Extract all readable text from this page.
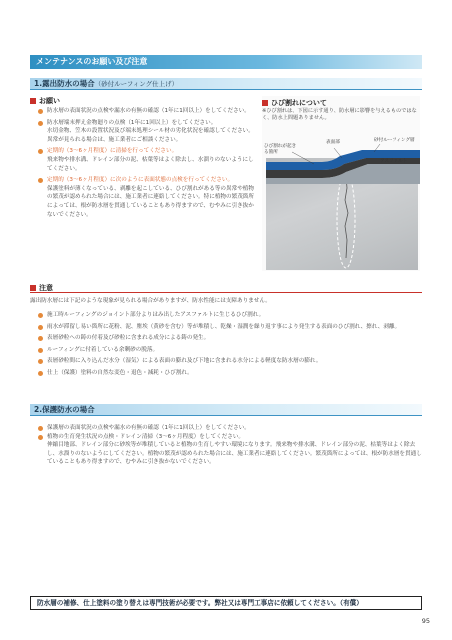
メンテナンスのお願い及び注意
1.露出防水の場合（砂付ルーフィング仕上げ）
お願い
防水層の表面状況の点検や漏水の有無の確認（1年に1回以上）をしてください。
防水層端末押え金物廻りの点検（1年に1回以上）をしてください。
水切金物、笠木の設置状況及び端末処理シール材の劣化状況を確認してください。異常が見られる場合は、施工業者にご相談ください。
定期的（3～6ヶ月程度）に清掃を行ってください。
飛来物や排水溝、ドレイン部分の泥、枯葉等はよく除去し、水溜りのないようにしてください。
定期的（3～6ヶ月程度）に次のように表面状態の点検を行ってください。
保護塗料が薄くなっている、剥離を起こしている、ひび割れがある等の異常や植物の繁茂が認められた場合には、施工業者に連絡してください。特に植物の繁茂箇所によっては、根が防水層を貫通していることもあり得ますので、むやみに引き抜かないでください。
ひび割れについて
※ひび割れは、下図に示す通り、防水層に影響を与えるものではなく、防水上問題ありません。
表面部	砂付ルーフィング層
アスファルト
ひび割れが起きる箇所
注意
露出防水層には下記のような現象が見られる場合がありますが、防水性能には支障ありません。
施工時ルーフィングのジョイント部分よりはみ出したアスファルトに生じるひび割れ。
雨水が滞留し易い箇所に花粉、泥、塵埃（黄砂を含む）等が堆積し、乾燥・湿潤を繰り返す事により発生する表面のひび割れ、擦れ、剥離。
表層砂粒への鋳の付着及び砂粒に含まれる成分による鋳の発生。
ルーフィングに付着している余剰砂の脱落。
表層砂粒間に入り込んだ水分（湿気）による表面の膨れ及び下地に含まれる水分による軽度な防水層の膨れ。
仕上（保護）塗料の自然な変色・退色・減耗・ひび割れ。
2.保護防水の場合
保護層の表面状況の点検や漏水の有無の確認（1年に1回以上）をしてください。
植物の生育発生状況の点検・ドレイン清掃（3～6ヶ月程度）をしてください。
伸縮目地部、ドレイン部分に砂埃等が堆積していると植物の生育しやすい環境になります。飛来物や排水溝、ドレイン部分の泥、枯葉等はよく除去し、水溜りのないようにしてください。植物の繁茂が認められた場合には、施工業者に連絡してください。繁茂箇所によっては、根が防水層を貫通していることもあり得ますので、むやみに引き抜かないでください。
防水層の補修、仕上塗料の塗り替えは専門技術が必要です。弊社又は専門工事店に依頼してください。（有償）
95
